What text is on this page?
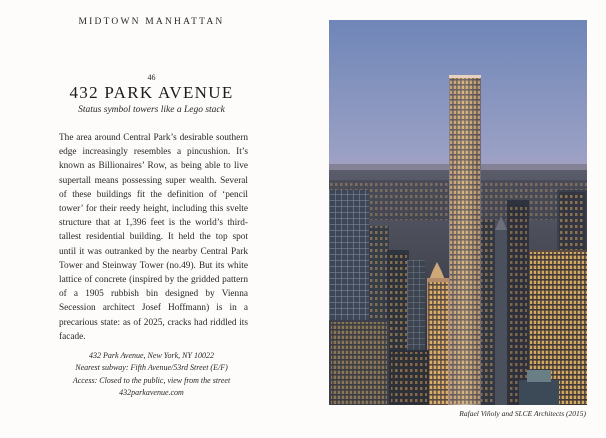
MIDTOWN MANHATTAN
46
432 PARK AVENUE
Status symbol towers like a Lego stack

The area around Central Park’s desirable southern edge increasingly resembles a pincushion. It’s known as Billionaires’ Row, as being able to live supertall means possessing super wealth. Several of these buildings fit the definition of ‘pencil tower’ for their reedy height, including this svelte structure that at 1,396 feet is the world’s third-tallest residential building. It held the top spot until it was outranked by the nearby Central Park Tower and Steinway Tower (no.49). But its white lattice of concrete (inspired by the gridded pattern of a 1905 rubbish bin designed by Vienna Secession architect Josef Hoffmann) is in a precarious state: as of 2025, cracks had riddled its facade.

432 Park Avenue, New York, NY 10022
Nearest subway: Fifth Avenue/53rd Street (E/F)
Access: Closed to the public, view from the street
432parkavenue.com
Rafael Viñoly and SLCE Architects (2015)
